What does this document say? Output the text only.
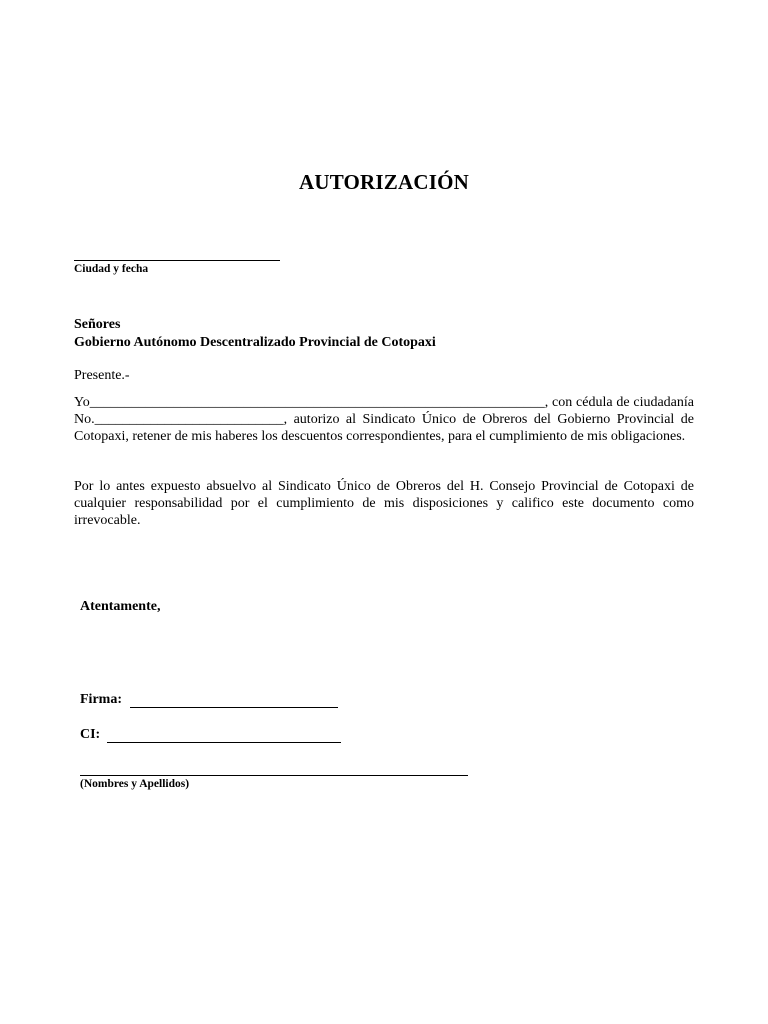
AUTORIZACIÓN
Ciudad y fecha
Señores
Gobierno Autónomo Descentralizado Provincial de Cotopaxi
Presente.-
Yo_________________________________________________________________, con cédula de ciudadanía No.___________________________, autorizo al Sindicato Único de Obreros del Gobierno Provincial de Cotopaxi, retener de mis haberes los descuentos correspondientes, para el cumplimiento de mis obligaciones.
Por lo antes expuesto absuelvo al Sindicato Único de Obreros del H. Consejo Provincial de Cotopaxi de cualquier responsabilidad por el cumplimiento de mis disposiciones y califico este documento como irrevocable.
Atentamente,
Firma:
CI:
(Nombres y Apellidos)
